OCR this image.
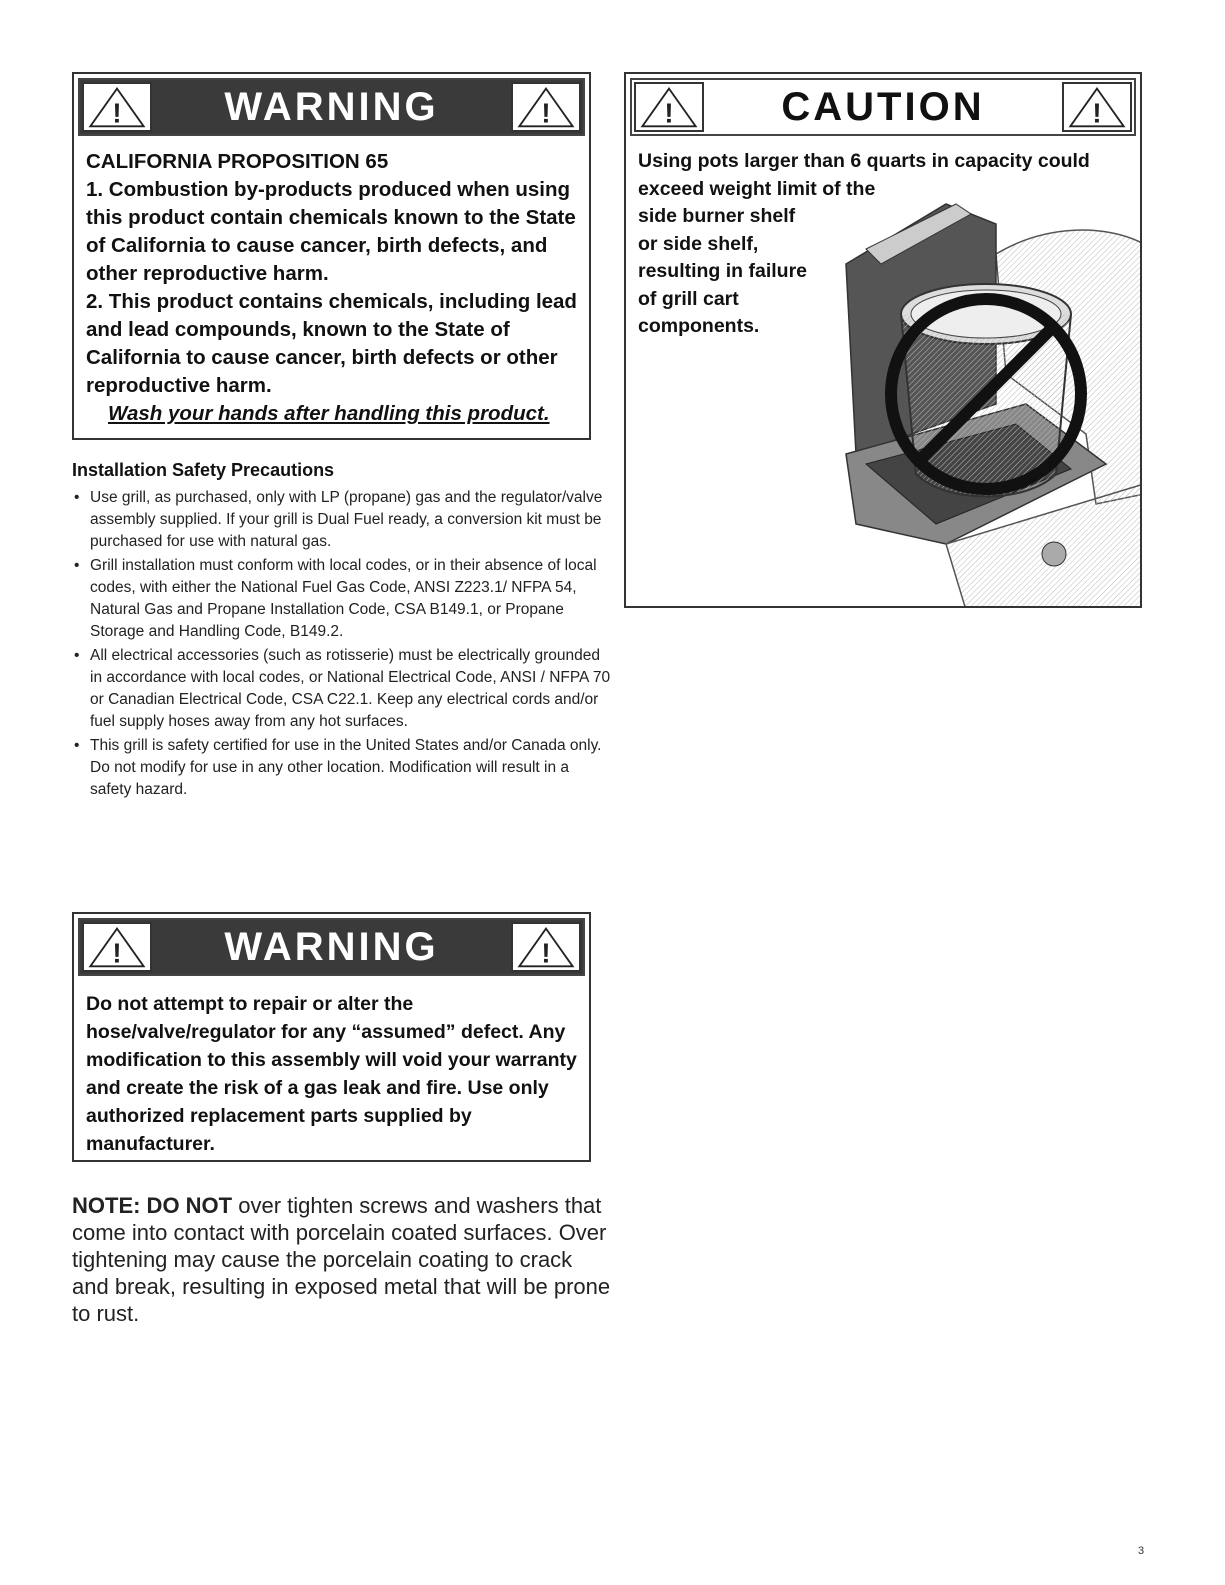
!	WARNING	!

CALIFORNIA PROPOSITION 65

1. Combustion by-products produced when using this product contain chemicals known to the State of California to cause cancer, birth defects, and other reproductive harm.

2. This product contains chemicals, including lead and lead compounds, known to the State of California to cause cancer, birth defects or other reproductive harm.

Wash your hands after handling this product.

!	CAUTION	!

Using pots larger than 6 quarts in capacity could

exceed weight limit of the

side burner shelf

or side shelf,

resulting in failure

of grill cart

components.

Installation Safety Precautions
• Use grill, as purchased, only with LP (propane) gas and the regulator/valve assembly supplied. If your grill is Dual Fuel ready, a conversion kit must be purchased for use with natural gas.
• Grill installation must conform with local codes, or in their absence of local codes, with either the National Fuel Gas Code, ANSI Z223.1/ NFPA 54, Natural Gas and Propane Installation Code, CSA B149.1, or Propane Storage and Handling Code, B149.2.
• All electrical accessories (such as rotisserie) must be electrically grounded in accordance with local codes, or National Electrical Code, ANSI / NFPA 70 or Canadian Electrical Code, CSA C22.1. Keep any electrical cords and/or fuel supply hoses away from any hot surfaces.
• This grill is safety certified for use in the United States and/or Canada only. Do not modify for use in any other location. Modification will result in a safety hazard.
!	WARNING	!

Do not attempt to repair or alter the hose/valve/regulator for any “assumed” defect. Any modification to this assembly will void your warranty and create the risk of a gas leak and fire. Use only authorized replacement parts supplied by manufacturer.

NOTE: DO NOT over tighten screws and washers that come into contact with porcelain coated surfaces. Over tightening may cause the porcelain coating to crack and break, resulting in exposed metal that will be prone to rust.
3
